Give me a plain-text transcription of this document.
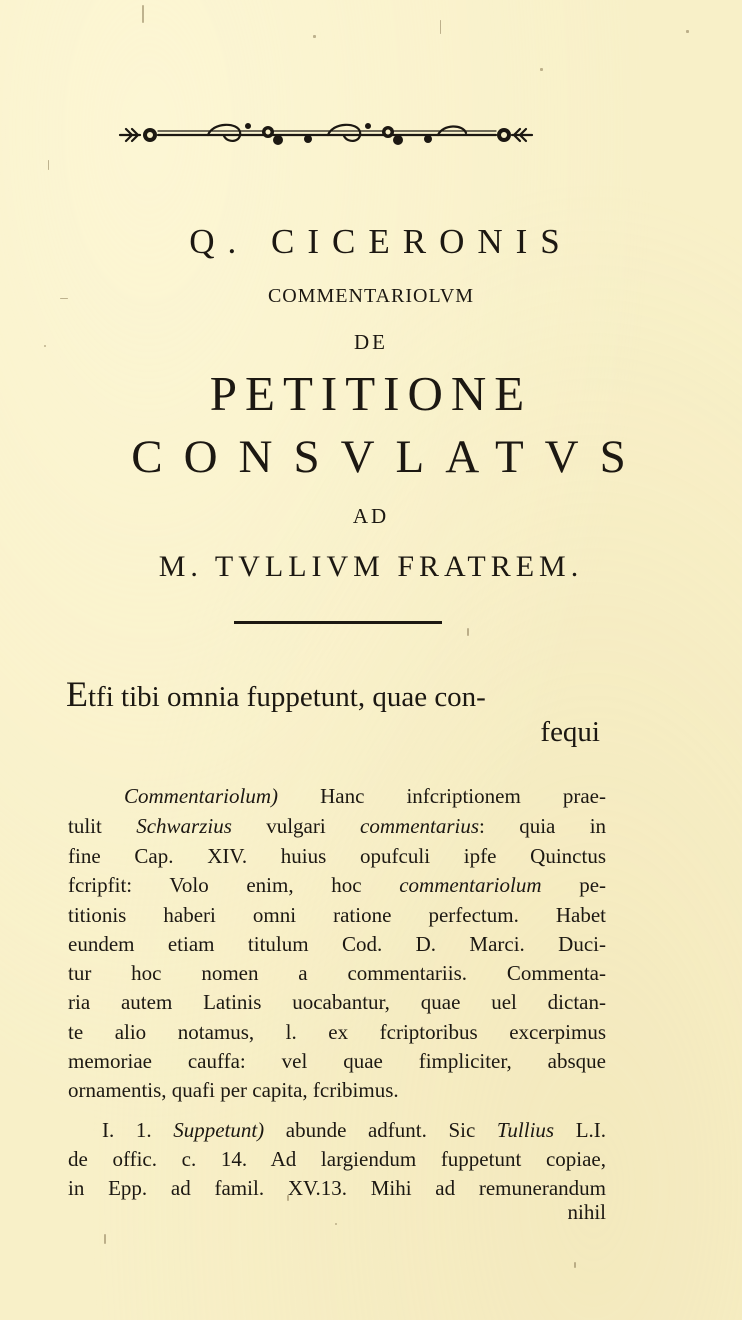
Q. CICERONIS
COMMENTARIOLVM
DE
PETITIONE
CONSVLATVS
AD
M. TVLLIVM FRATREM.
Etfi tibi omnia fuppetunt, quae con-
fequi
Commentariolum) Hanc infcriptionem prae-
tulit Schwarzius vulgari commentarius: quia in
fine Cap. XIV. huius opufculi ipfe Quinctus
fcripfit: Volo enim, hoc commentariolum pe-
titionis haberi omni ratione perfectum. Habet
eundem etiam titulum Cod. D. Marci. Duci-
tur hoc nomen a commentariis. Commenta-
ria autem Latinis uocabantur, quae uel dictan-
te alio notamus, l. ex fcriptoribus excerpimus
memoriae cauffa: vel quae fimpliciter, absque
ornamentis, quafi per capita, fcribimus.
I. 1. Suppetunt) abunde adfunt. Sic Tullius L.I.
de offic. c. 14. Ad largiendum fuppetunt copiae,
in Epp. ad famil. XV.13. Mihi ad remunerandum
nihil
